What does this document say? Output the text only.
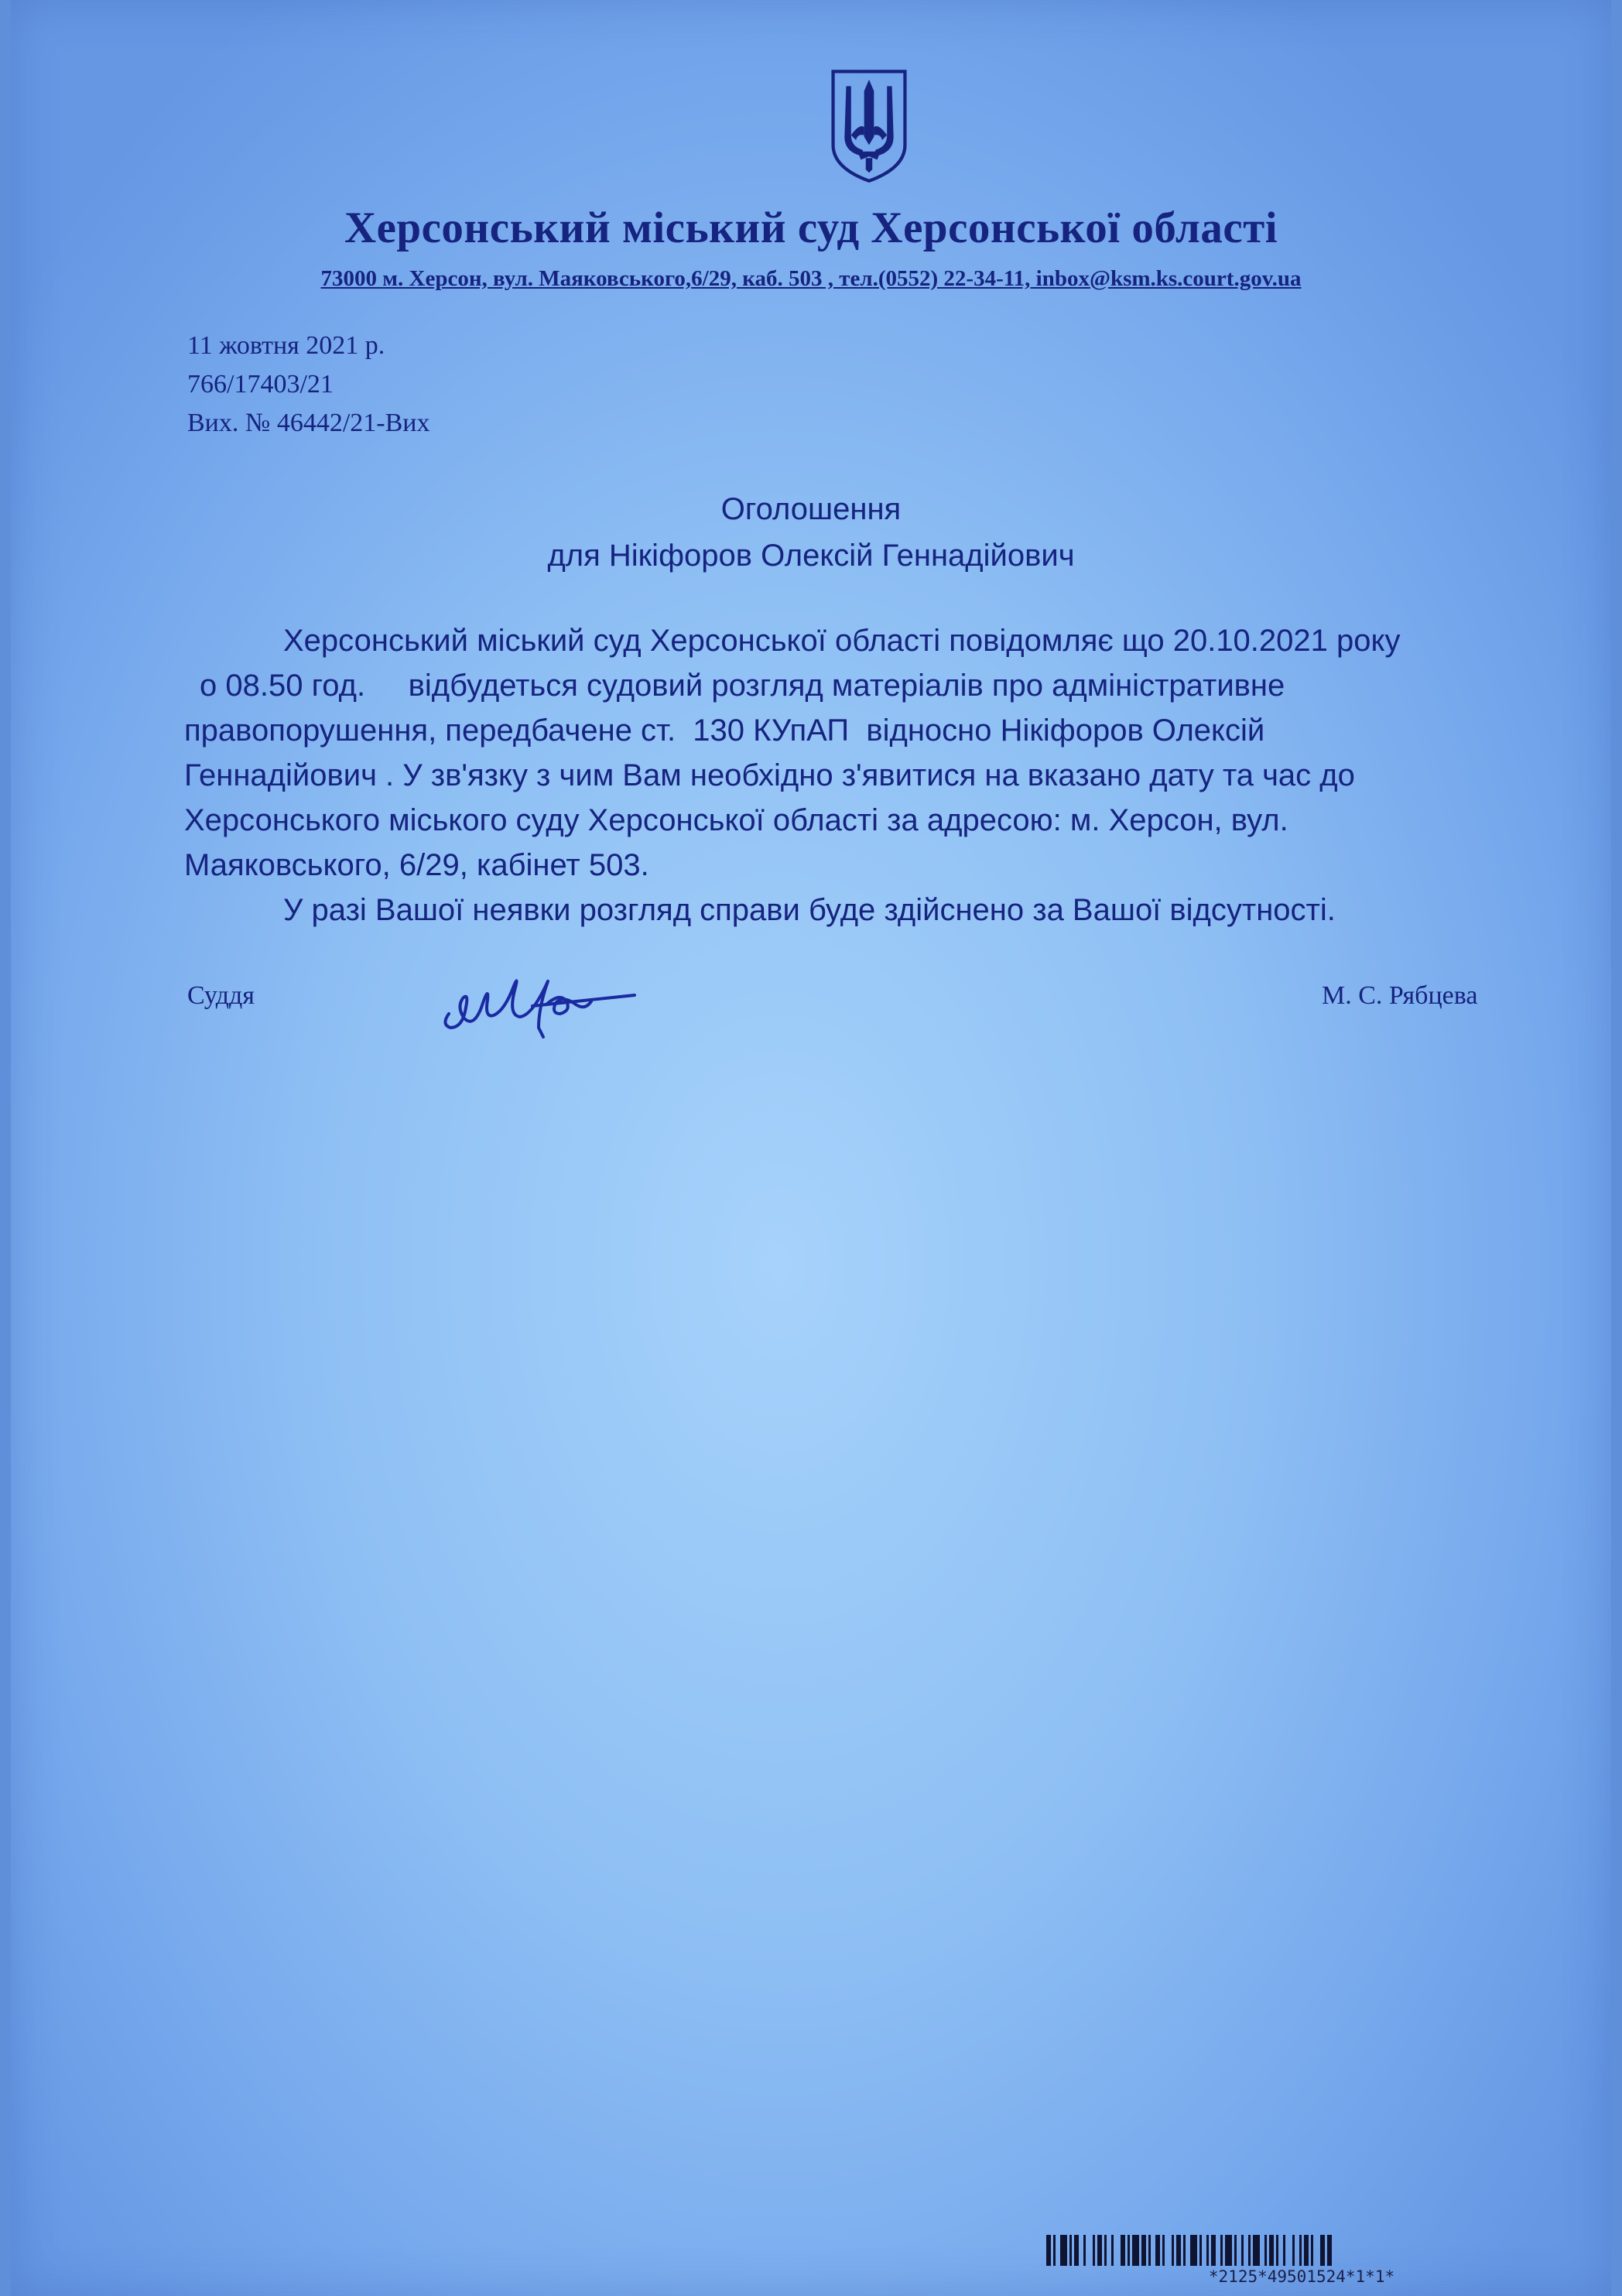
Херсонський міський суд Херсонської області
73000 м. Херсон, вул. Маяковського,6/29, каб. 503 , тел.(0552) 22-34-11, inbox@ksm.ks.court.gov.ua
11 жовтня 2021 р.
766/17403/21
Вих. № 46442/21-Вих
Оголошення
для Нікіфоров Олексій Геннадійович
Херсонський міський суд Херсонської області повідомляє що 20.10.2021 року
о 08.50 год.     відбудеться судовий розгляд матеріалів про адміністративне
правопорушення, передбачене ст.  130 КУпАП  відносно Нікіфоров Олексій
Геннадійович . У зв'язку з чим Вам необхідно з'явитися на вказано дату та час до
Херсонського міського суду Херсонської області за адресою: м. Херсон, вул.
Маяковського, 6/29, кабінет 503.
У разі Вашої неявки розгляд справи буде здійснено за Вашої відсутності.
Суддя	М. С. Рябцева
*2125*49501524*1*1*
